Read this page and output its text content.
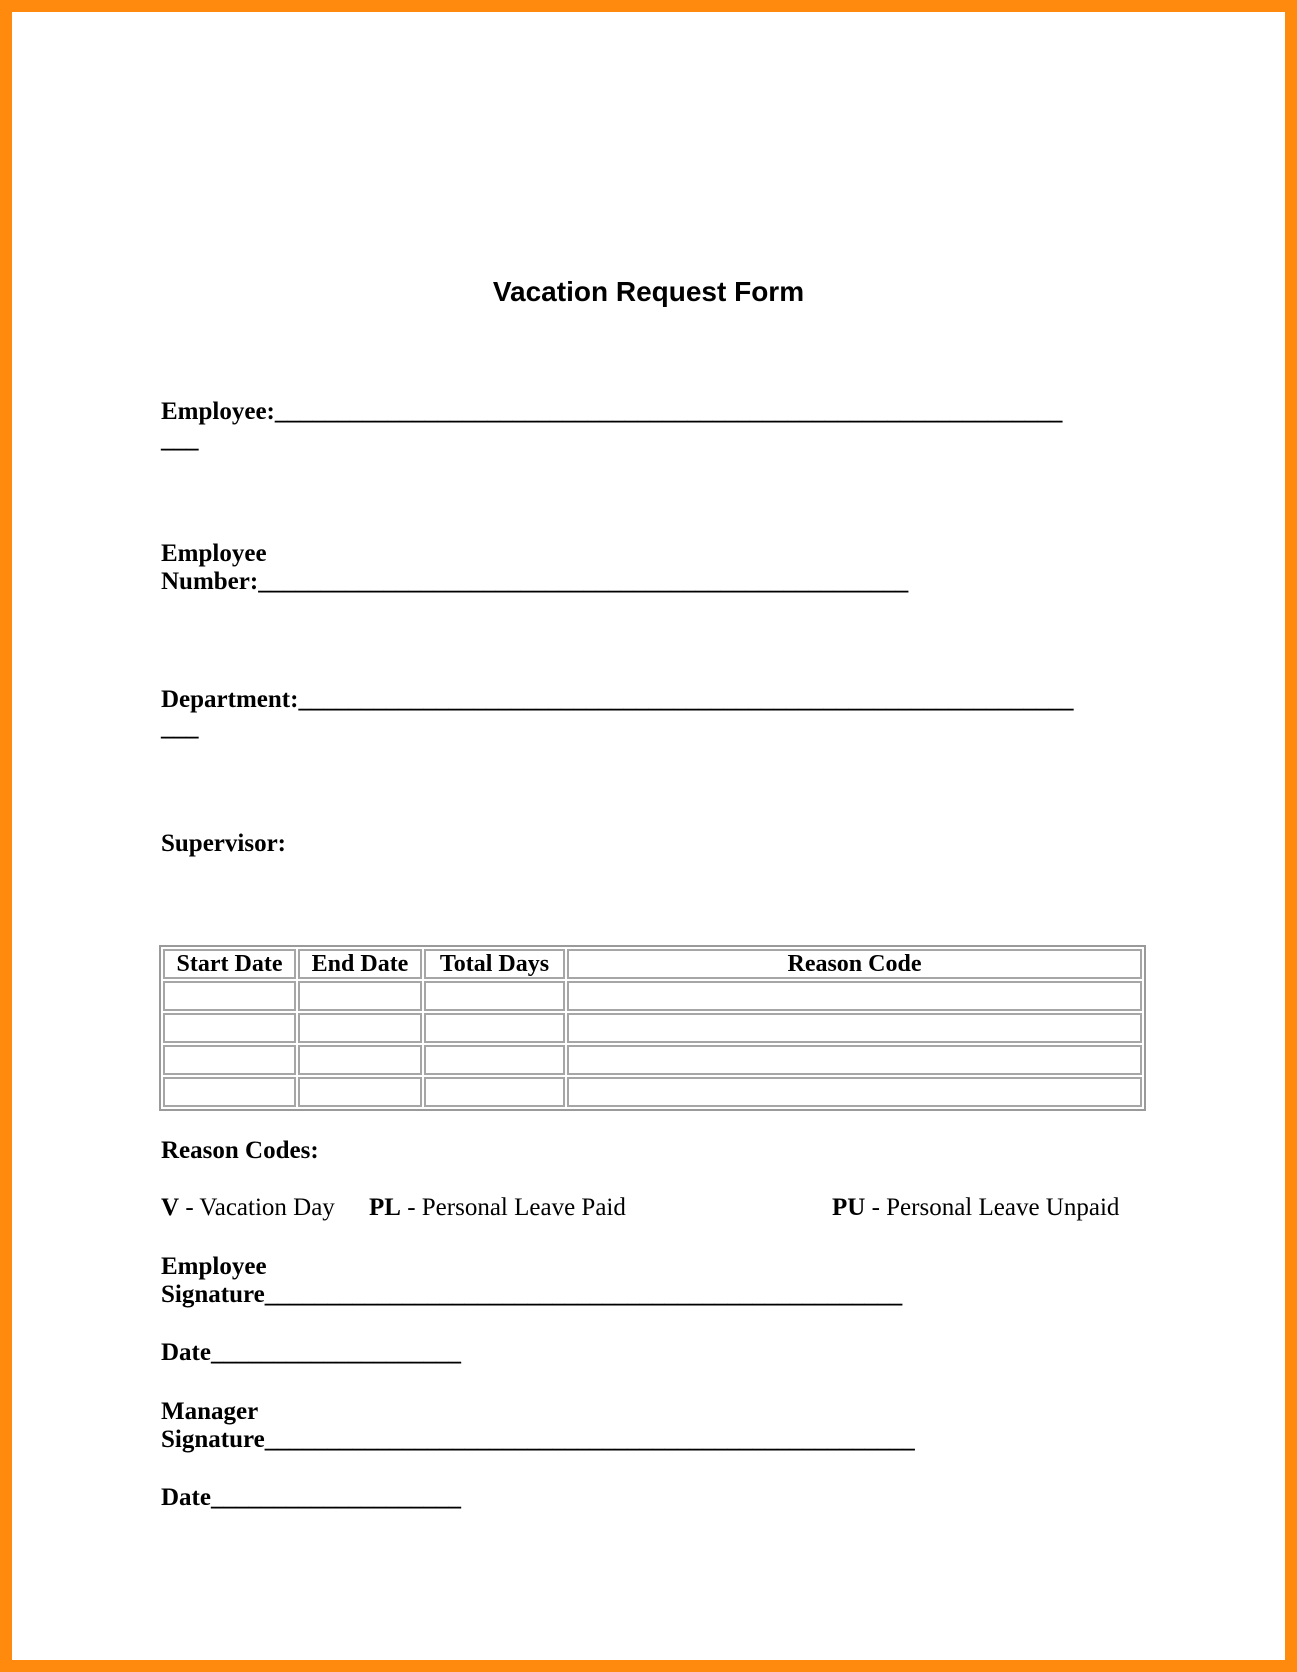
Vacation Request Form
Employee:_______________________________________________________________
___
Employee
Number:____________________________________________________
Department:______________________________________________________________
___
Supervisor:
Start Date	End Date	Total Days	Reason Code

Reason Codes:
V - Vacation Day PL - Personal Leave Paid	PU - Personal Leave Unpaid
Employee
Signature___________________________________________________
Date____________________
Manager
Signature____________________________________________________
Date____________________
